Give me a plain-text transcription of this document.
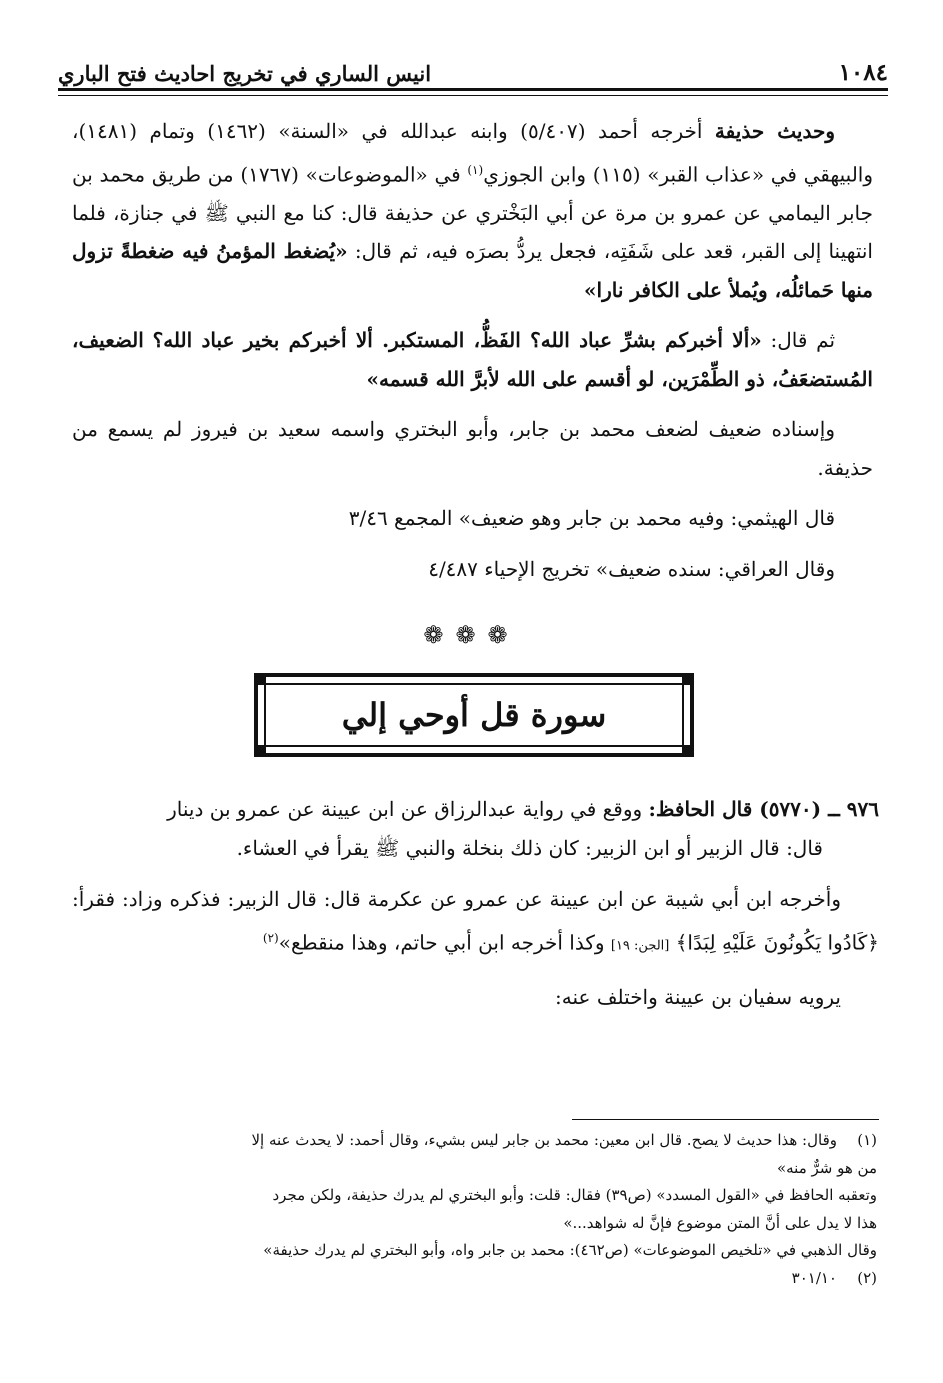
١٠٨٤
انيس الساري في تخريج احاديث فتح الباري

وحديث حذيفة أخرجه أحمد (٥/٤٠٧) وابنه عبدالله في «السنة» (١٤٦٢) وتمام (١٤٨١)، والبيهقي في «عذاب القبر» (١١٥) وابن الجوزي$^{(١)}$ في «الموضوعات» (١٧٦٧) من طريق محمد بن جابر اليمامي عن عمرو بن مرة عن أبي البَخْتري عن حذيفة قال: كنا مع النبي ﷺ في جنازة، فلما انتهينا إلى القبر، قعد على شَفَتِه، فجعل يردُّ بصرَه فيه، ثم قال: «يُضغط المؤمنُ فيه ضغطةً تزول منها حَمائلُه، ويُملأ على الكافر نارا»

ثم قال: «ألا أخبركم بشرِّ عباد الله؟ الفَظُّ، المستكبر. ألا أخبركم بخير عباد الله؟ الضعيف، المُستضعَفُ، ذو الطِّمْرَين، لو أقسم على الله لأبرَّ الله قسمه»

وإسناده ضعيف لضعف محمد بن جابر، وأبو البختري واسمه سعيد بن فيروز لم يسمع من حذيفة.

قال الهيثمي: وفيه محمد بن جابر وهو ضعيف» المجمع ٣/٤٦

وقال العراقي: سنده ضعيف» تخريج الإحياء ٤/٤٨٧

❁❁❁
سورة قل أوحي إلي

٩٧٦ ــ (٥٧٧٠) قال الحافظ: ووقع في رواية عبدالرزاق عن ابن عيينة عن عمرو بن دينار

قال: قال الزبير أو ابن الزبير: كان ذلك بنخلة والنبي ﷺ يقرأ في العشاء.

وأخرجه ابن أبي شيبة عن ابن عيينة عن عمرو عن عكرمة قال: قال الزبير: فذكره وزاد: فقرأ: ﴿كَادُوا يَكُونُونَ عَلَيْهِ لِبَدًا﴾ [الجن: ١٩] وكذا أخرجه ابن أبي حاتم، وهذا منقطع»$^{(٢)}$

يرويه سفيان بن عيينة واختلف عنه:

(١)وقال: هذا حديث لا يصح. قال ابن معين: محمد بن جابر ليس بشيء، وقال أحمد: لا يحدث عنه إلا

من هو شرٌّ منه»

وتعقبه الحافظ في «القول المسدد» (ص٣٩) فقال: قلت: وأبو البختري لم يدرك حذيفة، ولكن مجرد

هذا لا يدل على أنَّ المتن موضوع فإنَّ له شواهد...»

وقال الذهبي في «تلخيص الموضوعات» (ص٤٦٢): محمد بن جابر واه، وأبو البختري لم يدرك حذيفة»

(٢)٣٠١/١٠
